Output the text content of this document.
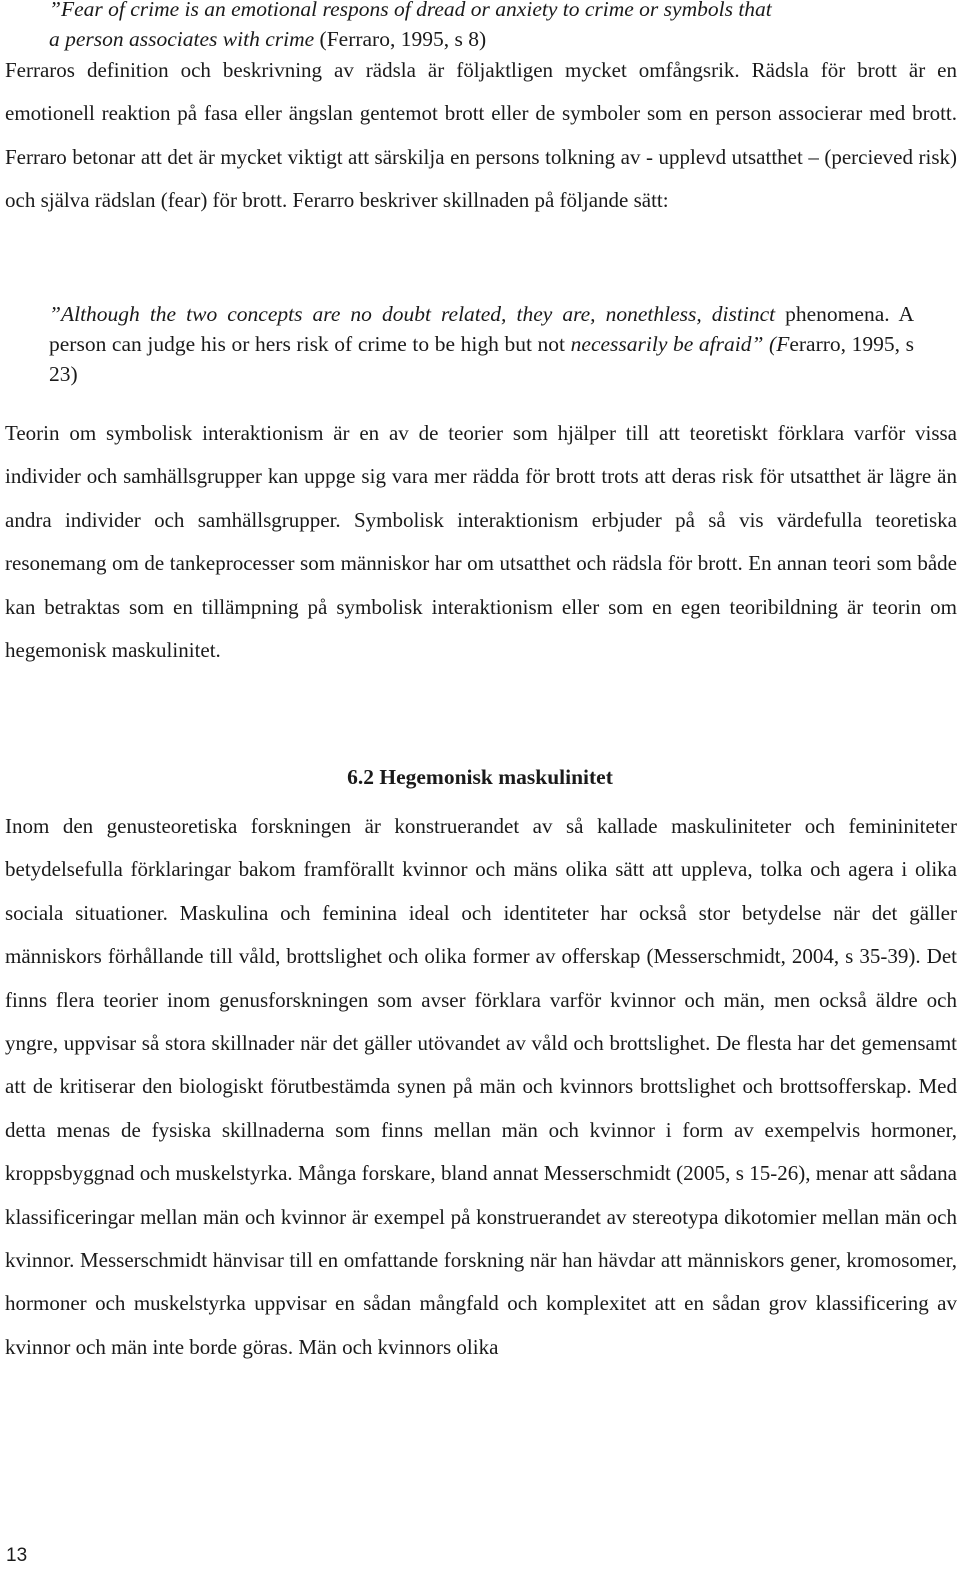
”Fear of crime is an emotional respons of dread or anxiety to crime or symbols that
a person associates with crime (Ferraro, 1995, s 8)

Ferraros definition och beskrivning av rädsla är följaktligen mycket omfångsrik. Rädsla för brott är en emotionell reaktion på fasa eller ängslan gentemot brott eller de symboler som en person associerar med brott. Ferraro betonar att det är mycket viktigt att särskilja en persons tolkning av - upplevd utsatthet – (percieved risk) och själva rädslan (fear) för brott. Ferarro beskriver skillnaden på följande sätt:

”Although the two concepts are no doubt related, they are, nonethless, distinct phenomena. A person can judge his or hers risk of crime to be high but not necessarily be afraid” (Ferarro, 1995, s 23)

Teorin om symbolisk interaktionism är en av de teorier som hjälper till att teoretiskt förklara varför vissa individer och samhällsgrupper kan uppge sig vara mer rädda för brott trots att deras risk för utsatthet är lägre än andra individer och samhällsgrupper. Symbolisk interaktionism erbjuder på så vis värdefulla teoretiska resonemang om de tankeprocesser som människor har om utsatthet och rädsla för brott. En annan teori som både kan betraktas som en tillämpning på symbolisk interaktionism eller som en egen teoribildning är teorin om hegemonisk maskulinitet.

6.2 Hegemonisk maskulinitet

Inom den genusteoretiska forskningen är konstruerandet av så kallade maskuliniteter och femininiteter betydelsefulla förklaringar bakom framförallt kvinnor och mäns olika sätt att uppleva, tolka och agera i olika sociala situationer. Maskulina och feminina ideal och identiteter har också stor betydelse när det gäller människors förhållande till våld, brottslighet och olika former av offerskap (Messerschmidt, 2004, s 35-39). Det finns flera teorier inom genusforskningen som avser förklara varför kvinnor och män, men också äldre och yngre, uppvisar så stora skillnader när det gäller utövandet av våld och brottslighet. De flesta har det gemensamt att de kritiserar den biologiskt förutbestämda synen på män och kvinnors brottslighet och brottsofferskap. Med detta menas de fysiska skillnaderna som finns mellan män och kvinnor i form av exempelvis hormoner, kroppsbyggnad och muskelstyrka. Många forskare, bland annat Messerschmidt (2005, s 15-26), menar att sådana klassificeringar mellan män och kvinnor är exempel på konstruerandet av stereotypa dikotomier mellan män och kvinnor. Messerschmidt hänvisar till en omfattande forskning när han hävdar att människors gener, kromosomer, hormoner och muskelstyrka uppvisar en sådan mångfald och komplexitet att en sådan grov klassificering av kvinnor och män inte borde göras. Män och kvinnors olika

13
